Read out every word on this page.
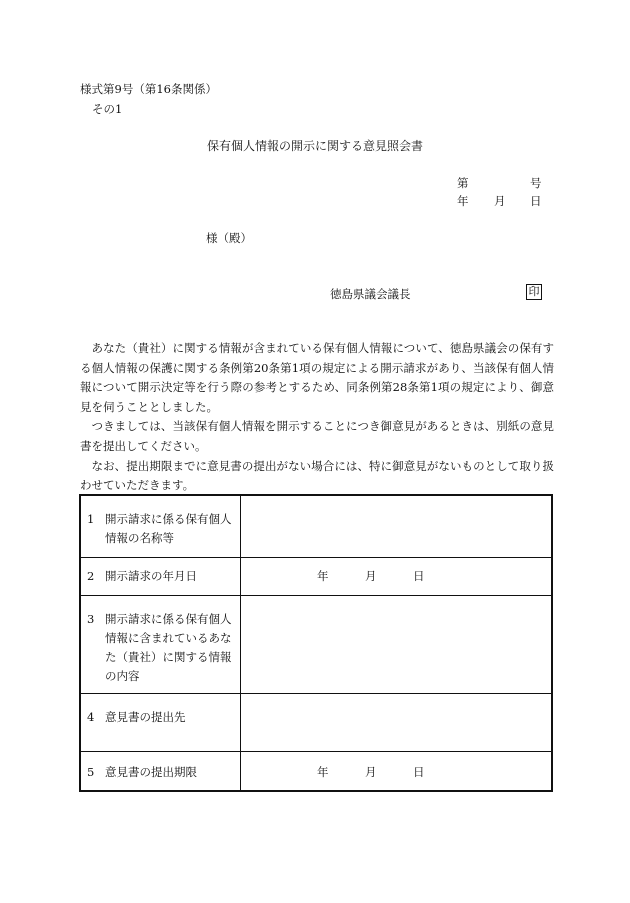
様式第9号（第16条関係）
その1
保有個人情報の開示に関する意見照会書
第	号
年 月 日
様（殿）
徳島県議会議長	印

あなた（貴社）に関する情報が含まれている保有個人情報について、徳島県議会の保有する個人情報の保護に関する条例第20条第1項の規定による開示請求があり、当該保有個人情報について開示決定等を行う際の参考とするため、同条例第28条第1項の規定により、御意見を伺うこととしました。

つきましては、当該保有個人情報を開示することにつき御意見があるときは、別紙の意見書を提出してください。

なお、提出期限までに意見書の提出がない場合には、特に御意見がないものとして取り扱わせていただきます。

1 開示請求に係る保有個人情報の名称等	

2 開示請求の年月日	年 月 日

3 開示請求に係る保有個人情報に含まれているあなた（貴社）に関する情報の内容	

4 意見書の提出先	

5 意見書の提出期限	年 月 日
